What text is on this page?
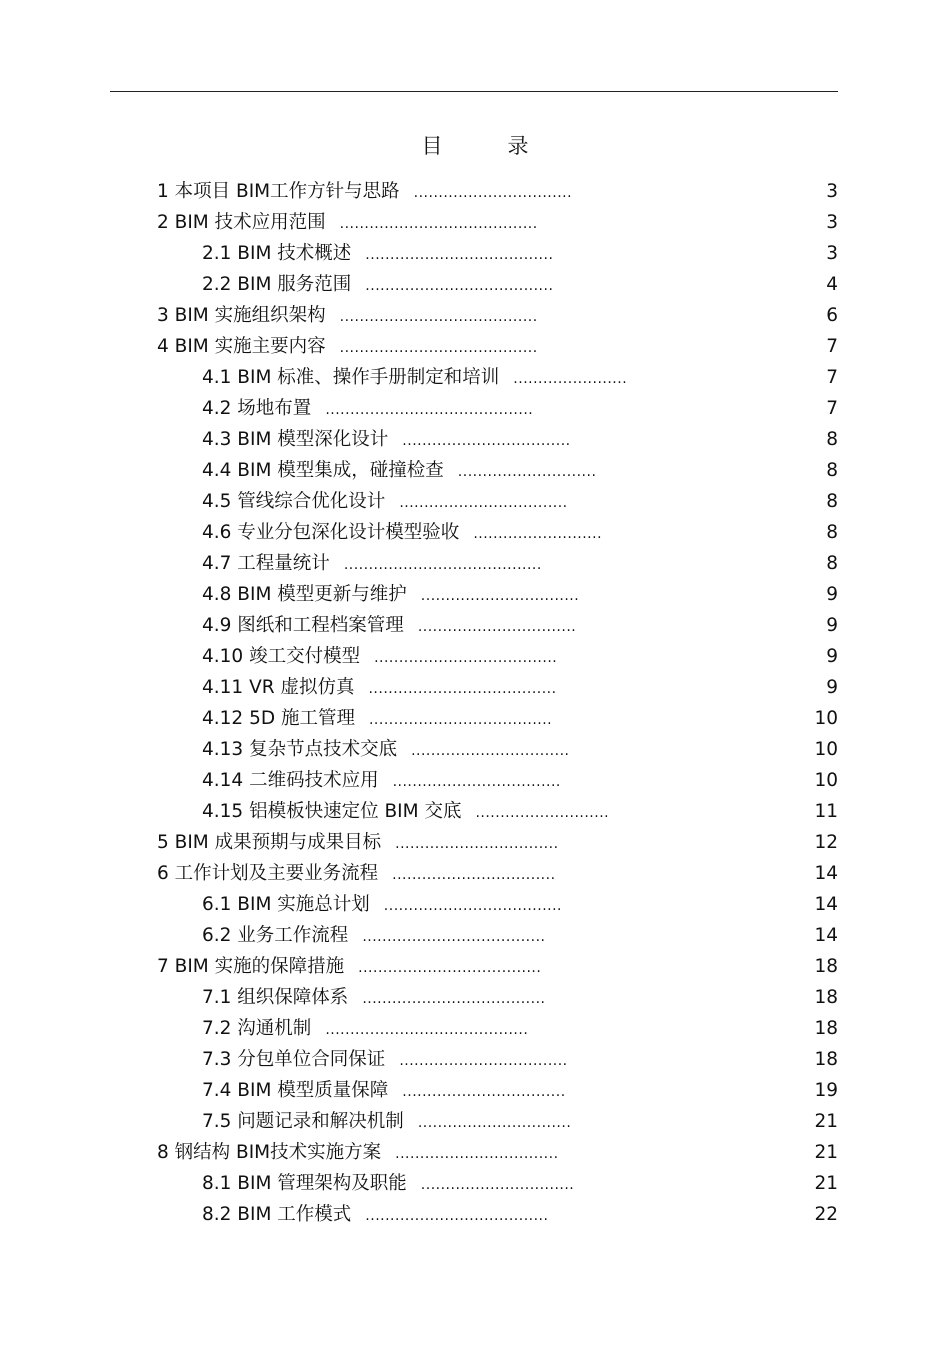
目　录
1 本项目 BIM工作方针与思路 ................................	3
2 BIM 技术应用范围 ........................................	3
2.1 BIM 技术概述 ......................................	3
2.2 BIM 服务范围 ......................................	4
3 BIM 实施组织架构 ........................................	6
4 BIM 实施主要内容 ........................................	7
4.1 BIM 标准、操作手册制定和培训 .......................	7
4.2 场地布置 ..........................................	7
4.3 BIM 模型深化设计 ..................................	8
4.4 BIM 模型集成，碰撞检查 ............................	8
4.5 管线综合优化设计 ..................................	8
4.6 专业分包深化设计模型验收 ..........................	8
4.7 工程量统计 ........................................	8
4.8 BIM 模型更新与维护 ................................	9
4.9 图纸和工程档案管理 ................................	9
4.10 竣工交付模型 .....................................	9
4.11 VR 虚拟仿真 ......................................	9
4.12 5D 施工管理 .....................................	10
4.13 复杂节点技术交底 ................................	10
4.14 二维码技术应用 ..................................	10
4.15 铝模板快速定位 BIM 交底 ...........................	11
5 BIM 成果预期与成果目标 .................................	12
6 工作计划及主要业务流程 .................................	14
6.1 BIM 实施总计划 ....................................	14
6.2 业务工作流程 .....................................	14
7 BIM 实施的保障措施 .....................................	18
7.1 组织保障体系 .....................................	18
7.2 沟通机制 .........................................	18
7.3 分包单位合同保证 ..................................	18
7.4 BIM 模型质量保障 .................................	19
7.5 问题记录和解决机制 ...............................	21
8 钢结构 BIM技术实施方案 .................................	21
8.1 BIM 管理架构及职能 ...............................	21
8.2 BIM 工作模式 .....................................	22
